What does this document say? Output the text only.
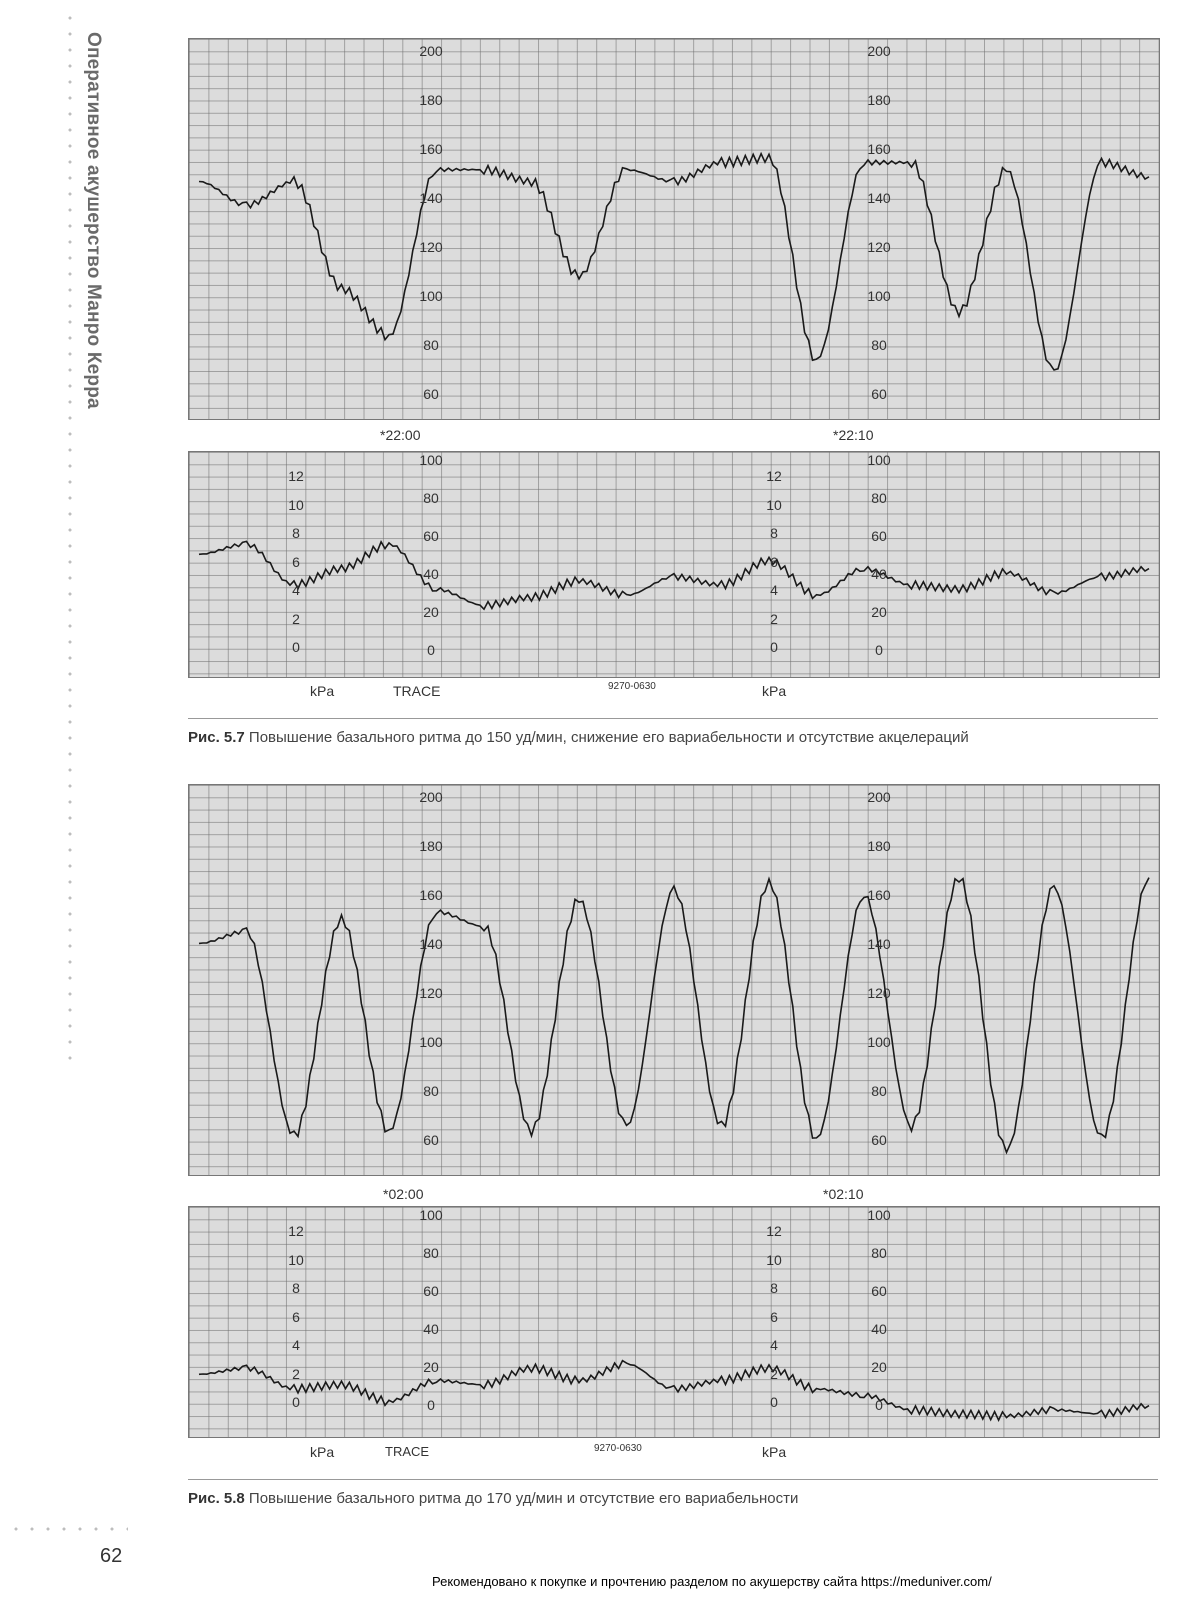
Оперативное акушерство Манро Керра	200
180
160
140
120
100
80
60
200
180
160
140
120
100
80
60
*22:00	*22:10
100
80
60
40
20
0
100
80
60
40
20
0
12
10
8
6
4
2
0
12
10
8
6
4
2
0
kPa	TRACE	9270-0630	kPa
Рис. 5.7 Повышение базального ритма до 150 уд/мин, снижение его вариабельности и отсутствие акцелераций
200
180
160
140
120
100
80
60
200
180
160
140
120
100
80
60
*02:00	*02:10
100
80
60
40
20
0
100
80
60
40
20
0
12
10
8
6
4
2
0
12
10
8
6
4
2
0
kPa	TRACE	9270-0630	kPa
Рис. 5.8 Повышение базального ритма до 170 уд/мин и отсутствие его вариабельности
62
Рекомендовано к покупке и прочтению разделом по акушерству сайта https://meduniver.com/
